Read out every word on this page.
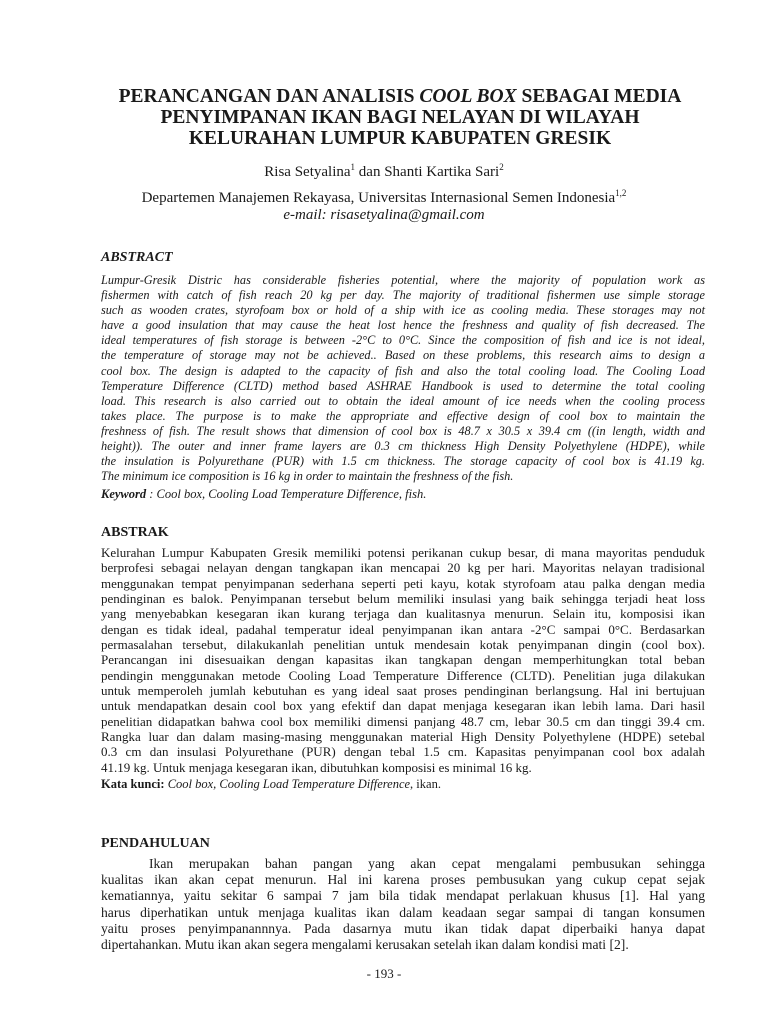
PERANCANGAN DAN ANALISIS COOL BOX SEBAGAI MEDIA
PENYIMPANAN IKAN BAGI NELAYAN DI WILAYAH
KELURAHAN LUMPUR KABUPATEN GRESIK
Risa Setyalina$^1$ dan Shanti Kartika Sari$^2$
Departemen Manajemen Rekayasa, Universitas Internasional Semen Indonesia$^{1,2}$
e-mail: risasetyalina@gmail.com
ABSTRACT
Lumpur-Gresik Distric has considerable fisheries potential, where the majority of population work as
fishermen with catch of fish reach 20 kg per day. The majority of traditional fishermen use simple storage
such as wooden crates, styrofoam box or hold of a ship with ice as cooling media. These storages may not
have a good insulation that may cause the heat lost hence the freshness and quality of fish decreased. The
ideal temperatures of fish storage is between -2°C to 0°C. Since the composition of fish and ice is not ideal,
the temperature of storage may not be achieved.. Based on these problems, this research aims to design a
cool box. The design is adapted to the capacity of fish and also the total cooling load. The Cooling Load
Temperature Difference (CLTD) method based ASHRAE Handbook is used to determine the total cooling
load. This research is also carried out to obtain the ideal amount of ice needs when the cooling process
takes place. The purpose is to make the appropriate and effective design of cool box to maintain the
freshness of fish. The result shows that dimension of cool box is 48.7 x 30.5 x 39.4 cm ((in length, width and
height)). The outer and inner frame layers are 0.3 cm thickness High Density Polyethylene (HDPE), while
the insulation is Polyurethane (PUR) with 1.5 cm thickness. The storage capacity of cool box is 41.19 kg.
The minimum ice composition is 16 kg in order to maintain the freshness of the fish.
Keyword : Cool box, Cooling Load Temperature Difference, fish.
ABSTRAK
Kelurahan Lumpur Kabupaten Gresik memiliki potensi perikanan cukup besar, di mana mayoritas penduduk
berprofesi sebagai nelayan dengan tangkapan ikan mencapai 20 kg per hari. Mayoritas nelayan tradisional
menggunakan tempat penyimpanan sederhana seperti peti kayu, kotak styrofoam atau palka dengan media
pendinginan es balok. Penyimpanan tersebut belum memiliki insulasi yang baik sehingga terjadi heat loss
yang menyebabkan kesegaran ikan kurang terjaga dan kualitasnya menurun. Selain itu, komposisi ikan
dengan es tidak ideal, padahal temperatur ideal penyimpanan ikan antara -2°C sampai 0°C. Berdasarkan
permasalahan tersebut, dilakukanlah penelitian untuk mendesain kotak penyimpanan dingin (cool box).
Perancangan ini disesuaikan dengan kapasitas ikan tangkapan dengan memperhitungkan total beban
pendingin menggunakan metode Cooling Load Temperature Difference (CLTD). Penelitian juga dilakukan
untuk memperoleh jumlah kebutuhan es yang ideal saat proses pendinginan berlangsung. Hal ini bertujuan
untuk mendapatkan desain cool box yang efektif dan dapat menjaga kesegaran ikan lebih lama. Dari hasil
penelitian didapatkan bahwa cool box memiliki dimensi panjang 48.7 cm, lebar 30.5 cm dan tinggi 39.4 cm.
Rangka luar dan dalam masing-masing menggunakan material High Density Polyethylene (HDPE) setebal
0.3 cm dan insulasi Polyurethane (PUR) dengan tebal 1.5 cm. Kapasitas penyimpanan cool box adalah
41.19 kg. Untuk menjaga kesegaran ikan, dibutuhkan komposisi es minimal 16 kg.
Kata kunci: Cool box, Cooling Load Temperature Difference, ikan.
PENDAHULUAN
Ikan merupakan bahan pangan yang akan cepat mengalami pembusukan sehingga
kualitas ikan akan cepat menurun. Hal ini karena proses pembusukan yang cukup cepat sejak
kematiannya, yaitu sekitar 6 sampai 7 jam bila tidak mendapat perlakuan khusus [1]. Hal yang
harus diperhatikan untuk menjaga kualitas ikan dalam keadaan segar sampai di tangan konsumen
yaitu proses penyimpanannnya. Pada dasarnya mutu ikan tidak dapat diperbaiki hanya dapat
dipertahankan. Mutu ikan akan segera mengalami kerusakan setelah ikan dalam kondisi mati [2].
- 193 -
